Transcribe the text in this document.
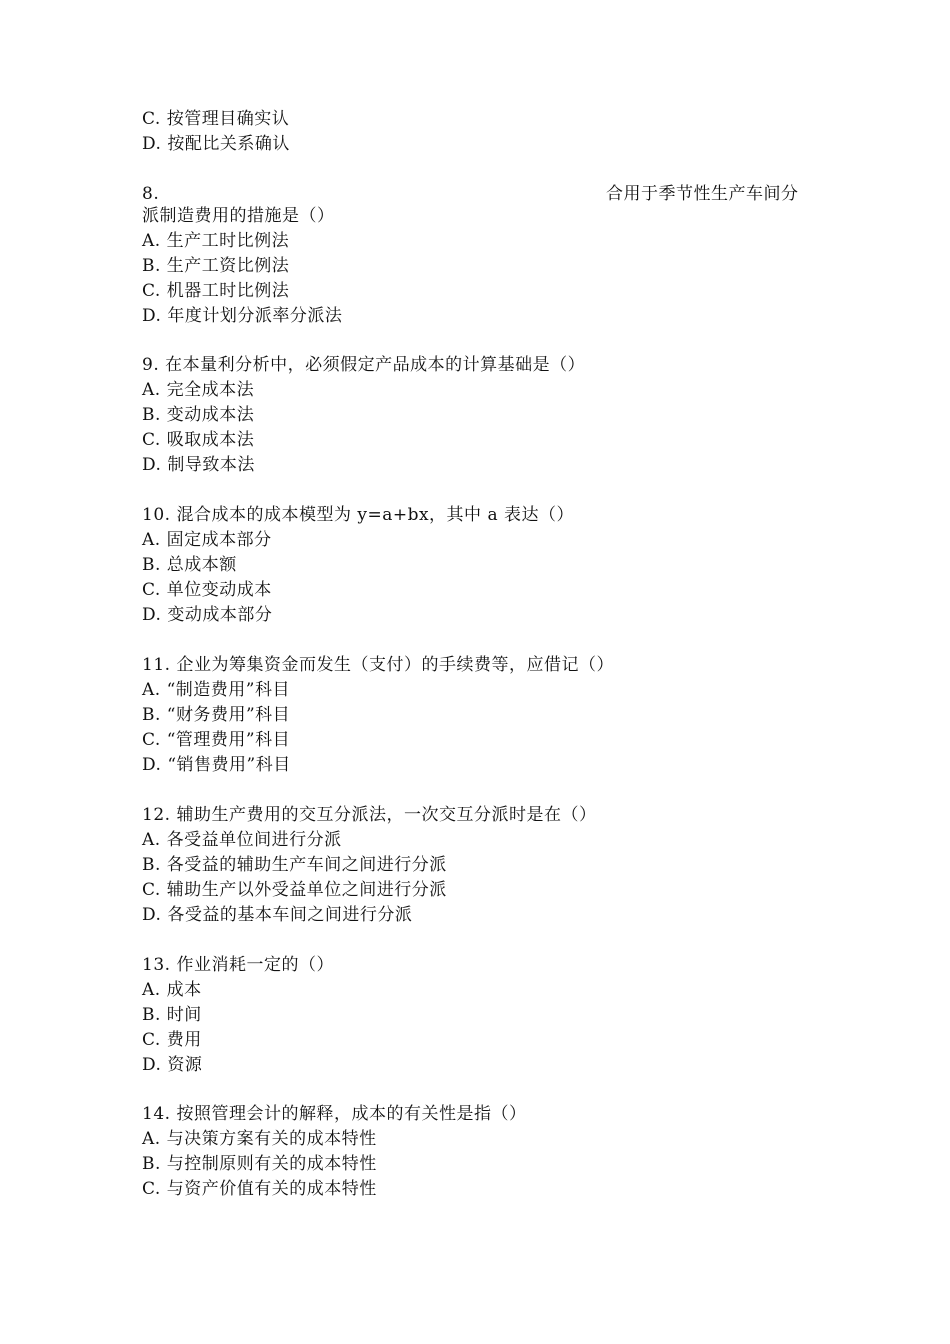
C. 按管理目确实认
D. 按配比关系确认
8.	合用于季节性生产车间分
派制造费用的措施是（）
A. 生产工时比例法
B. 生产工资比例法
C. 机器工时比例法
D. 年度计划分派率分派法
9. 在本量利分析中，必须假定产品成本的计算基础是（）
A. 完全成本法
B. 变动成本法
C. 吸取成本法
D. 制导致本法
10. 混合成本的成本模型为 y=a+bx，其中 a 表达（）
A. 固定成本部分
B. 总成本额
C. 单位变动成本
D. 变动成本部分
11. 企业为筹集资金而发生（支付）的手续费等，应借记（）
A. “制造费用”科目
B. “财务费用”科目
C. “管理费用”科目
D. “销售费用”科目
12. 辅助生产费用的交互分派法，一次交互分派时是在（）
A. 各受益单位间进行分派
B. 各受益的辅助生产车间之间进行分派
C. 辅助生产以外受益单位之间进行分派
D. 各受益的基本车间之间进行分派
13. 作业消耗一定的（）
A. 成本
B. 时间
C. 费用
D. 资源
14. 按照管理会计的解释，成本的有关性是指（）
A. 与决策方案有关的成本特性
B. 与控制原则有关的成本特性
C. 与资产价值有关的成本特性
